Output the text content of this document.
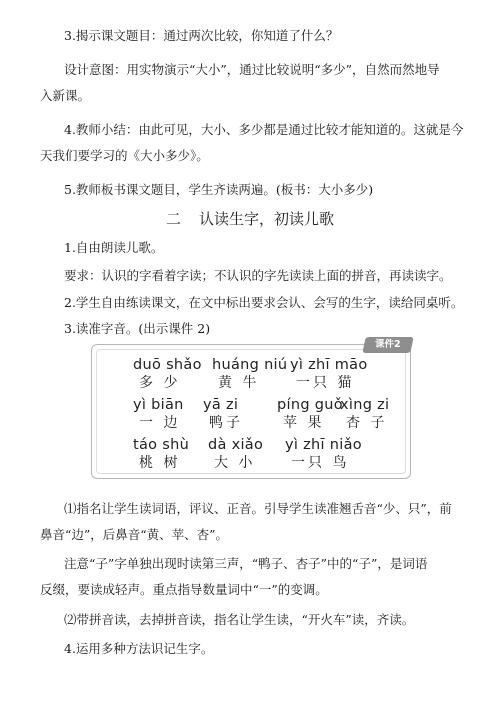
3.揭示课文题目：通过两次比较，你知道了什么？
设计意图：用实物演示“大小”，通过比较说明“多少”，自然而然地导
入新课。
4.教师小结：由此可见，大小、多少都是通过比较才能知道的。这就是今
天我们要学习的《大小多少》。
5.教师板书课文题目，学生齐读两遍。(板书：大小多少)
二 认读生字，初读儿歌
1.自由朗读儿歌。
要求：认识的字看着字读；不认识的字先读读上面的拼音，再读读字。
2.学生自由练读课文，在文中标出要求会认、会写的生字，读给同桌听。
3.读准字音。(出示课件 2)
课件2
duō shǎo
多 少
huáng niú
黄 牛
yì zhī māo
一只 猫
yì biān
一 边
yā zi
鸭子
píng guǒ
苹 果
xìng zi
杏 子
táo shù
桃 树
dà xiǎo
大 小
yì zhī niǎo
一只 鸟
⑴指名让学生读词语，评议、正音。引导学生读准翘舌音“少、只”，前
鼻音“边”，后鼻音“黄、苹、杏”。
注意“子”字单独出现时读第三声，“鸭子、杏子”中的“子”，是词语
反缀，要读成轻声。重点指导数量词中“一”的变调。
⑵带拼音读，去掉拼音读，指名让学生读，“开火车”读，齐读。
4.运用多种方法识记生字。
